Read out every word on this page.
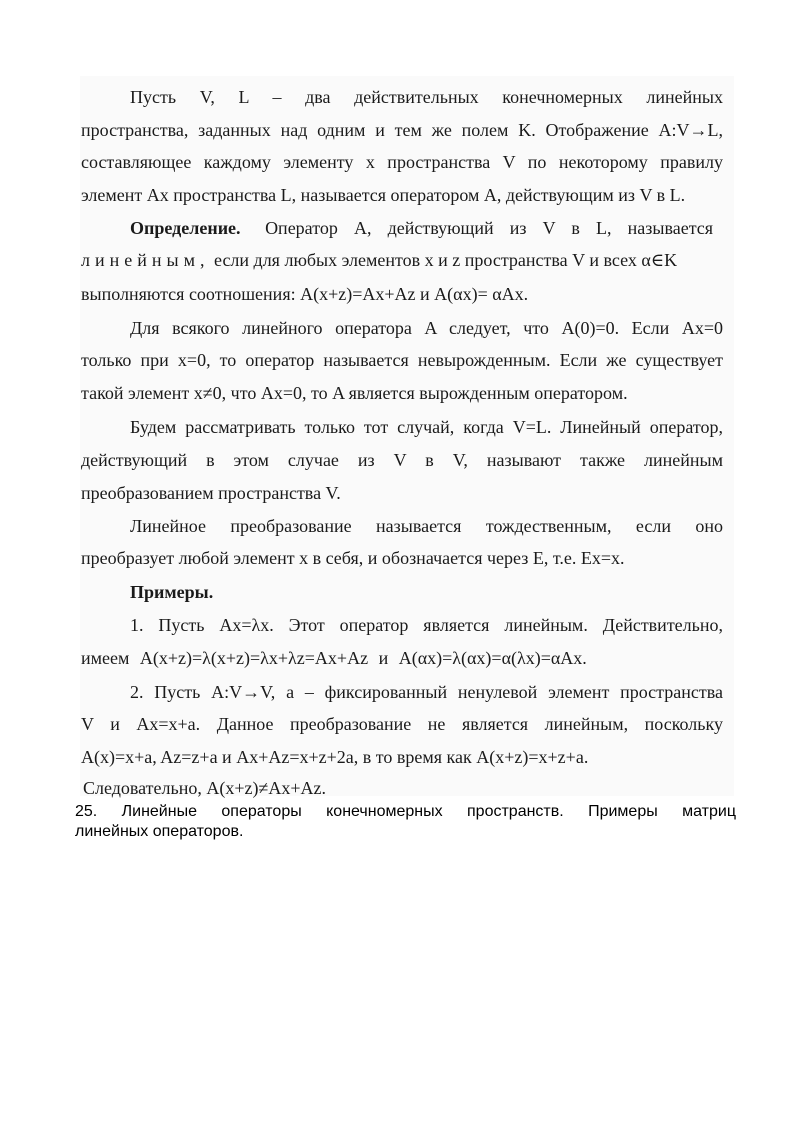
Пусть V, L – два действительных конечномерных линейных
пространства, заданных над одним и тем же полем K. Отображение A:V→L,
составляющее каждому элементу x пространства V по некоторому правилу
элемент Ax пространства L, называется оператором A, действующим из V в L.
Определение. Оператор A, действующий из V в L, называется
линейным, если для любых элементов x и z пространства V и всех α∈K
выполняются соотношения: A(x+z)=Ax+Az и A(αx)= αAx.
Для всякого линейного оператора A следует, что A(0)=0. Если Ax=0
только при x=0, то оператор называется невырожденным. Если же существует
такой элемент x≠0, что Ax=0, то A является вырожденным оператором.
Будем рассматривать только тот случай, когда V=L. Линейный оператор,
действующий в этом случае из V в V, называют также линейным
преобразованием пространства V.
Линейное преобразование называется тождественным, если оно
преобразует любой элемент x в себя, и обозначается через E, т.е. Ex=x.
Примеры.
1. Пусть Ax=λx. Этот оператор является линейным. Действительно,
имеем A(x+z)=λ(x+z)=λx+λz=Ax+Az и A(αx)=λ(αx)=α(λx)=αAx.
2. Пусть A:V→V, a – фиксированный ненулевой элемент пространства
V и Ax=x+a. Данное преобразование не является линейным, поскольку
A(x)=x+a, Az=z+a и Ax+Az=x+z+2a, в то время как A(x+z)=x+z+a.
Следовательно, A(x+z)≠Ax+Az.
25. Линейные операторы конечномерных пространств. Примеры матриц
линейных операторов.
